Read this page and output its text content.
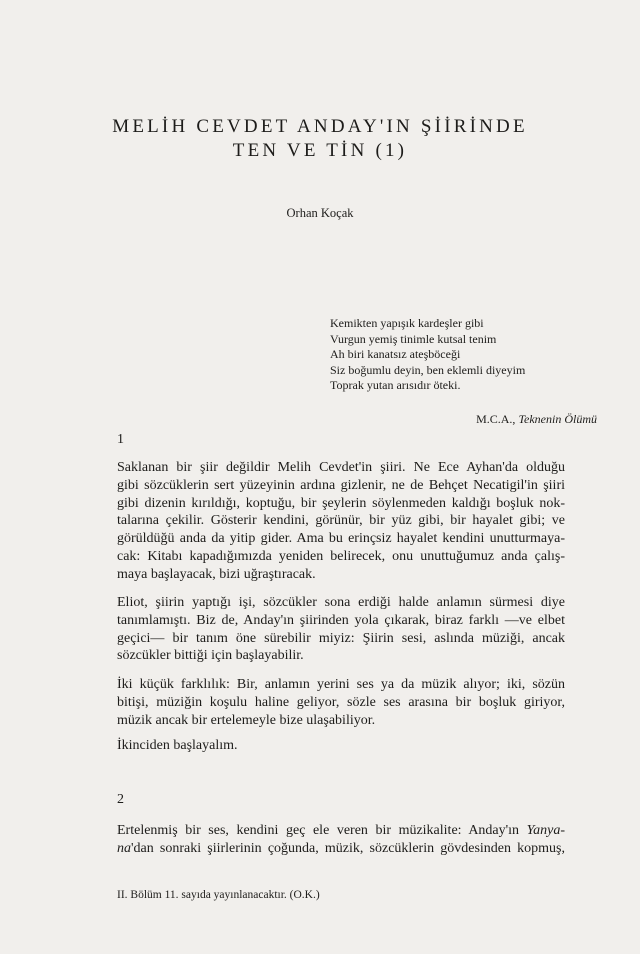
MELİH CEVDET ANDAY'IN ŞİİRİNDE
TEN VE TİN (1)
Orhan Koçak
Kemikten yapışık kardeşler gibi
Vurgun yemiş tinimle kutsal tenim
Ah biri kanatsız ateşböceği
Siz boğumlu deyin, ben eklemli diyeyim
Toprak yutan arısıdır öteki.
M.C.A., Teknenin Ölümü
1
Saklanan bir şiir değildir Melih Cevdet'in şiiri. Ne Ece Ayhan'da olduğu
gibi sözcüklerin sert yüzeyinin ardına gizlenir, ne de Behçet Necatigil'in şiiri
gibi dizenin kırıldığı, koptuğu, bir şeylerin söylenmeden kaldığı boşluk nok-
talarına çekilir. Gösterir kendini, görünür, bir yüz gibi, bir hayalet gibi; ve
görüldüğü anda da yitip gider. Ama bu erinçsiz hayalet kendini unutturmaya-
cak: Kitabı kapadığımızda yeniden belirecek, onu unuttuğumuz anda çalış-
maya başlayacak, bizi uğraştıracak.
Eliot, şiirin yaptığı işi, sözcükler sona erdiği halde anlamın sürmesi diye
tanımlamıştı. Biz de, Anday'ın şiirinden yola çıkarak, biraz farklı —ve elbet
geçici— bir tanım öne sürebilir miyiz: Şiirin sesi, aslında müziği, ancak
sözcükler bittiği için başlayabilir.
İki küçük farklılık: Bir, anlamın yerini ses ya da müzik alıyor; iki, sözün
bitişi, müziğin koşulu haline geliyor, sözle ses arasına bir boşluk giriyor,
müzik ancak bir ertelemeyle bize ulaşabiliyor.
İkinciden başlayalım.
2
Ertelenmiş bir ses, kendini geç ele veren bir müzikalite: Anday'ın Yanya-
na'dan sonraki şiirlerinin çoğunda, müzik, sözcüklerin gövdesinden kopmuş,
II. Bölüm 11. sayıda yayınlanacaktır. (O.K.)
